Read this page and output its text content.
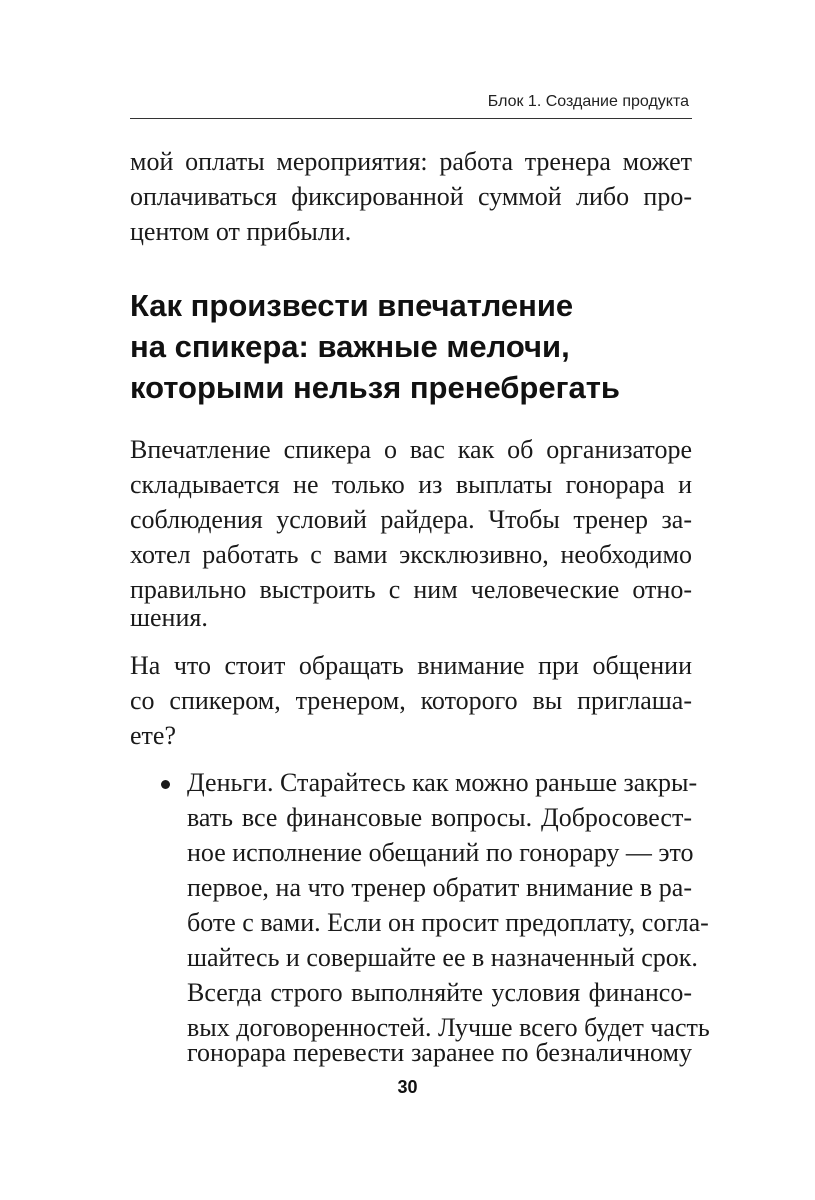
Блок 1. Создание продукта
мой оплаты мероприятия: работа тренера может
оплачиваться фиксированной суммой либо про-
центом от прибыли.
Как произвести впечатление
на спикера: важные мелочи,
которыми нельзя пренебрегать
Впечатление спикера о вас как об организаторе
складывается не только из выплаты гонорара и
соблюдения условий райдера. Чтобы тренер за-
хотел работать с вами эксклюзивно, необходимо
правильно выстроить с ним человеческие отно-
шения.
На что стоит обращать внимание при общении
со спикером, тренером, которого вы приглаша-
ете?
Деньги. Старайтесь как можно раньше закры-
вать все финансовые вопросы. Добросовест-
ное исполнение обещаний по гонорару — это
первое, на что тренер обратит внимание в ра-
боте с вами. Если он просит предоплату, согла-
шайтесь и совершайте ее в назначенный срок.
Всегда строго выполняйте условия финансо-
вых договоренностей. Лучше всего будет часть
гонорара перевести заранее по безналичному
30
